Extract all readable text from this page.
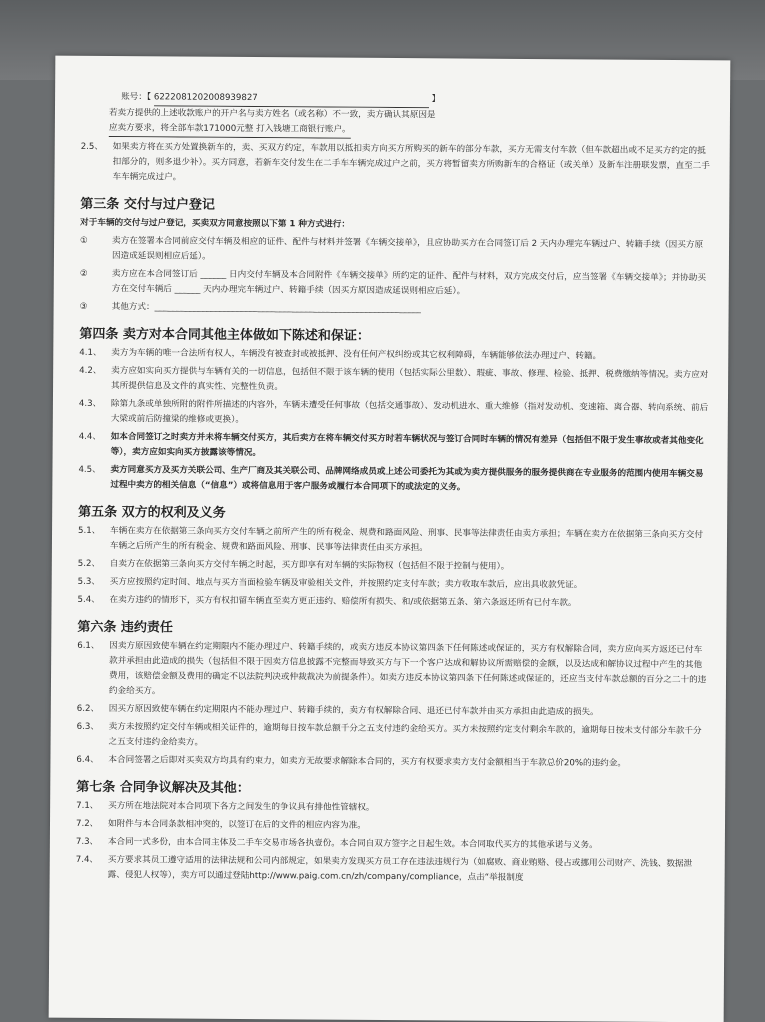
账号：【 6222081202008939827	】
若卖方提供的上述收款账户的开户名与卖方姓名（或名称）不一致，卖方确认其原因是
应卖方要求，将全部车款171000元整 打入钱塘工商银行账户。
2.5、	如果卖方将在买方处置换新车的，卖、买双方约定，车款用以抵扣卖方向买方所购买的新车的部分车款，买方无需支付车款（但车款超出或不足买方约定的抵扣部分的，则多退少补）。买方同意，若新车交付发生在二手车车辆完成过户之前，买方将暂留卖方所购新车的合格证（或关单）及新车注册联发票，直至二手车车辆完成过户。
第三条 交付与过户登记
对于车辆的交付与过户登记，买卖双方同意按照以下第 1 种方式进行：
①	卖方在签署本合同前应交付车辆及相应的证件、配件与材料并签署《车辆交接单》，且应协助买方在合同签订后 2 天内办理完车辆过户、转籍手续（因买方原因造成延误则相应后延）。
②	卖方应在本合同签订后 ______ 日内交付车辆及本合同附件《车辆交接单》所约定的证件、配件与材料，双方完成交付后，应当签署《车辆交接单》；并协助买方在交付车辆后 ______ 天内办理完车辆过户、转籍手续（因买方原因造成延误则相应后延）。
③	其他方式：______________________________________________________________
第四条 卖方对本合同其他主体做如下陈述和保证：
4.1、	卖方为车辆的唯一合法所有权人，车辆没有被查封或被抵押、没有任何产权纠纷或其它权利障碍，车辆能够依法办理过户、转籍。
4.2、	卖方应如实向买方提供与车辆有关的一切信息，包括但不限于该车辆的使用（包括实际公里数）、瑕疵、事故、修理、检验、抵押、税费缴纳等情况。卖方应对其所提供信息及文件的真实性、完整性负责。
4.3、	除第九条或单独所附的附件所描述的内容外，车辆未遭受任何事故（包括交通事故）、发动机进水、重大维修（指对发动机、变速箱、离合器、转向系统、前后大梁或前后防撞梁的维修或更换）。
4.4、	如本合同签订之时卖方并未将车辆交付买方，其后卖方在将车辆交付买方时若车辆状况与签订合同时车辆的情况有差异（包括但不限于发生事故或者其他变化等），卖方应如实向买方披露该等情况。
4.5、	卖方同意买方及买方关联公司、生产厂商及其关联公司、品牌网络成员或上述公司委托为其或为卖方提供服务的服务提供商在专业服务的范围内使用车辆交易过程中卖方的相关信息（“信息”）或将信息用于客户服务或履行本合同项下的或法定的义务。
第五条 双方的权利及义务
5.1、	车辆在卖方在依据第三条向买方交付车辆之前所产生的所有税金、规费和路面风险、刑事、民事等法律责任由卖方承担；车辆在卖方在依据第三条向买方交付车辆之后所产生的所有税金、规费和路面风险、刑事、民事等法律责任由买方承担。
5.2、	自卖方在依据第三条向买方交付车辆之时起，买方即享有对车辆的实际物权（包括但不限于控制与使用）。
5.3、	买方应按照约定时间、地点与买方当面检验车辆及审验相关文件，并按照约定支付车款；卖方收取车款后，应出具收款凭证。
5.4、	在卖方违约的情形下，买方有权扣留车辆直至卖方更正违约、赔偿所有损失、和/或依据第五条、第六条返还所有已付车款。
第六条 违约责任
6.1、	因卖方原因致使车辆在约定期限内不能办理过户、转籍手续的，或卖方违反本协议第四条下任何陈述或保证的，买方有权解除合同，卖方应向买方返还已付车款并承担由此造成的损失（包括但不限于因卖方信息披露不完整而导致买方与下一个客户达成和解协议所需赔偿的金额，以及达成和解协议过程中产生的其他费用，该赔偿金额及费用的确定不以法院判决或仲裁裁决为前提条件）。如卖方违反本协议第四条下任何陈述或保证的，还应当支付车款总额的百分之二十的违约金给买方。
6.2、	因买方原因致使车辆在约定期限内不能办理过户、转籍手续的，卖方有权解除合同、退还已付车款并由买方承担由此造成的损失。
6.3、	卖方未按照约定交付车辆或相关证件的，逾期每日按车款总额千分之五支付违约金给买方。买方未按照约定支付剩余车款的，逾期每日按未支付部分车款千分之五支付违约金给卖方。
6.4、	本合同签署之后即对买卖双方均具有约束力，如卖方无故要求解除本合同的，买方有权要求卖方支付金额相当于车款总价20%的违约金。
第七条 合同争议解决及其他：
7.1、	买方所在地法院对本合同项下各方之间发生的争议具有排他性管辖权。
7.2、	如附件与本合同条款相冲突的，以签订在后的文件的相应内容为准。
7.3、	本合同一式多份，由本合同主体及二手车交易市场各执壹份。本合同自双方签字之日起生效。本合同取代买方的其他承诺与义务。
7.4、	买方要求其员工遵守适用的法律法规和公司内部规定，如果卖方发现买方员工存在违法违规行为（如腐败、商业贿赂、侵占或挪用公司财产、洗钱、数据泄露、侵犯人权等），卖方可以通过登陆http://www.paig.com.cn/zh/company/compliance，点击“举报制度
